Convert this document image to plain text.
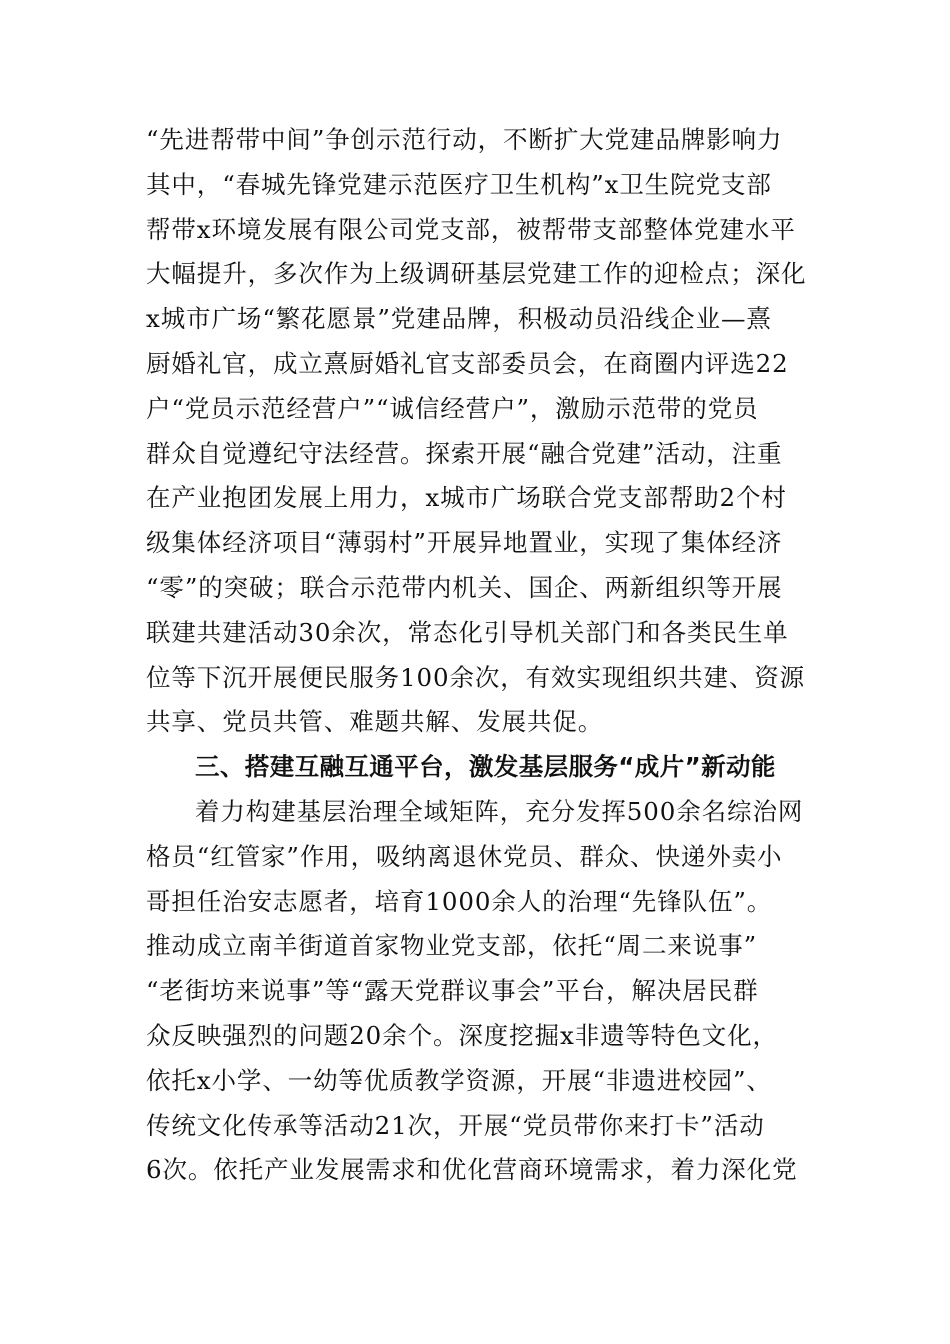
“先进帮带中间”争创示范行动，不断扩大党建品牌影响力
其中，“春城先锋党建示范医疗卫生机构”x卫生院党支部
帮带x环境发展有限公司党支部，被帮带支部整体党建水平
大幅提升，多次作为上级调研基层党建工作的迎检点；深化
x城市广场“繁花愿景”党建品牌，积极动员沿线企业—熹
厨婚礼官，成立熹厨婚礼官支部委员会，在商圈内评选22
户“党员示范经营户”“诚信经营户”，激励示范带的党员
群众自觉遵纪守法经营。探索开展“融合党建”活动，注重
在产业抱团发展上用力，x城市广场联合党支部帮助2个村
级集体经济项目“薄弱村”开展异地置业，实现了集体经济
“零”的突破；联合示范带内机关、国企、两新组织等开展
联建共建活动30余次，常态化引导机关部门和各类民生单
位等下沉开展便民服务100余次，有效实现组织共建、资源
共享、党员共管、难题共解、发展共促。
三、搭建互融互通平台，激发基层服务“成片”新动能
着力构建基层治理全域矩阵，充分发挥500余名综治网
格员“红管家”作用，吸纳离退休党员、群众、快递外卖小
哥担任治安志愿者，培育1000余人的治理“先锋队伍”。
推动成立南羊街道首家物业党支部，依托“周二来说事”
“老街坊来说事”等“露天党群议事会”平台，解决居民群
众反映强烈的问题20余个。深度挖掘x非遗等特色文化，
依托x小学、一幼等优质教学资源，开展“非遗进校园”、
传统文化传承等活动21次，开展“党员带你来打卡”活动
6次。依托产业发展需求和优化营商环境需求，着力深化党
